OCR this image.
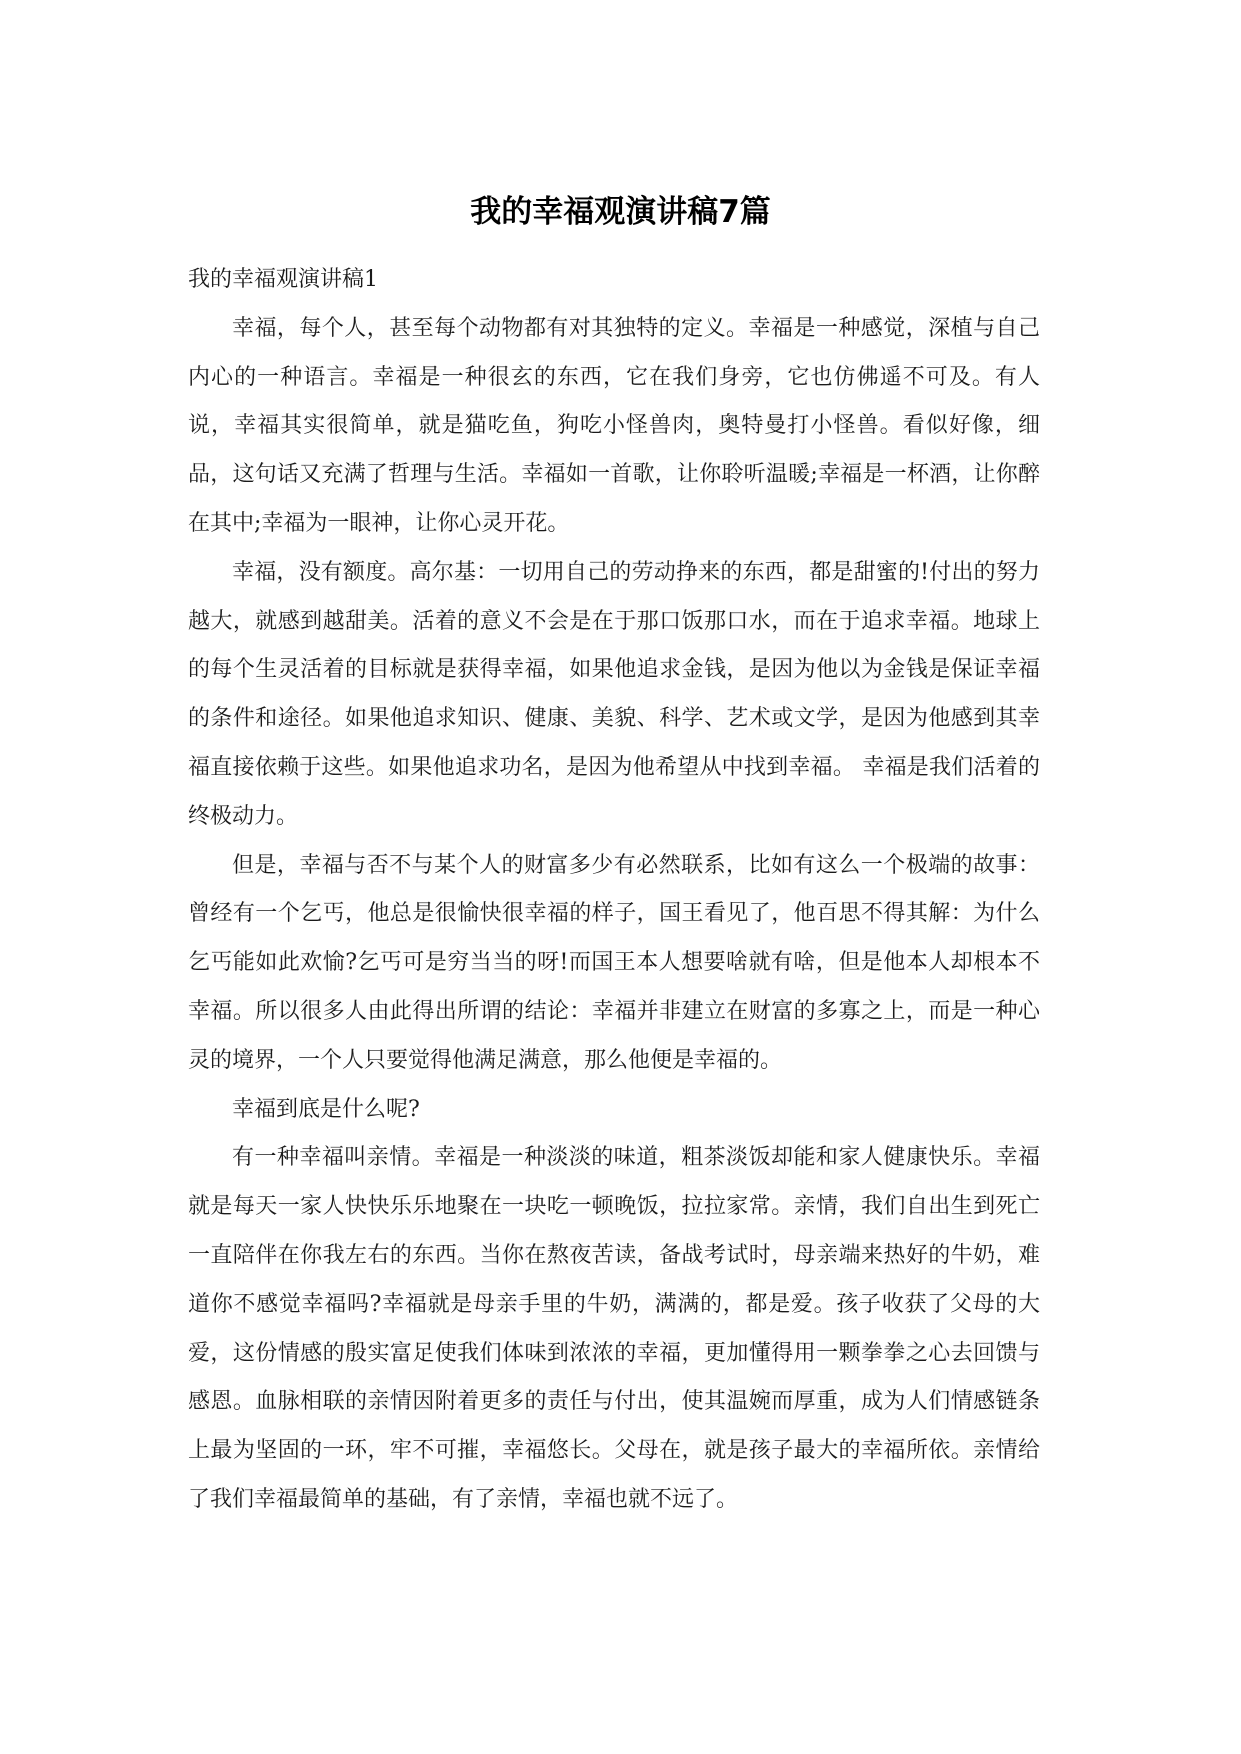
我的幸福观演讲稿7篇

我的幸福观演讲稿1

幸福，每个人，甚至每个动物都有对其独特的定义。幸福是一种感觉，深植与自己内心的一种语言。幸福是一种很玄的东西，它在我们身旁，它也仿佛遥不可及。有人说，幸福其实很简单，就是猫吃鱼，狗吃小怪兽肉，奥特曼打小怪兽。看似好像，细品，这句话又充满了哲理与生活。幸福如一首歌，让你聆听温暖;幸福是一杯酒，让你醉在其中;幸福为一眼神，让你心灵开花。

幸福，没有额度。高尔基：一切用自己的劳动挣来的东西，都是甜蜜的!付出的努力越大，就感到越甜美。活着的意义不会是在于那口饭那口水，而在于追求幸福。地球上的每个生灵活着的目标就是获得幸福，如果他追求金钱，是因为他以为金钱是保证幸福的条件和途径。如果他追求知识、健康、美貌、科学、艺术或文学，是因为他感到其幸福直接依赖于这些。如果他追求功名，是因为他希望从中找到幸福。 幸福是我们活着的终极动力。

但是，幸福与否不与某个人的财富多少有必然联系，比如有这么一个极端的故事：曾经有一个乞丐，他总是很愉快很幸福的样子，国王看见了，他百思不得其解：为什么乞丐能如此欢愉?乞丐可是穷当当的呀!而国王本人想要啥就有啥，但是他本人却根本不幸福。所以很多人由此得出所谓的结论：幸福并非建立在财富的多寡之上，而是一种心灵的境界，一个人只要觉得他满足满意，那么他便是幸福的。

幸福到底是什么呢?

有一种幸福叫亲情。幸福是一种淡淡的味道，粗茶淡饭却能和家人健康快乐。幸福就是每天一家人快快乐乐地聚在一块吃一顿晚饭，拉拉家常。亲情，我们自出生到死亡一直陪伴在你我左右的东西。当你在熬夜苦读，备战考试时，母亲端来热好的牛奶，难道你不感觉幸福吗?幸福就是母亲手里的牛奶，满满的，都是爱。孩子收获了父母的大爱，这份情感的殷实富足使我们体味到浓浓的幸福，更加懂得用一颗拳拳之心去回馈与感恩。血脉相联的亲情因附着更多的责任与付出，使其温婉而厚重，成为人们情感链条上最为坚固的一环，牢不可摧，幸福悠长。父母在，就是孩子最大的幸福所依。亲情给了我们幸福最简单的基础，有了亲情，幸福也就不远了。
